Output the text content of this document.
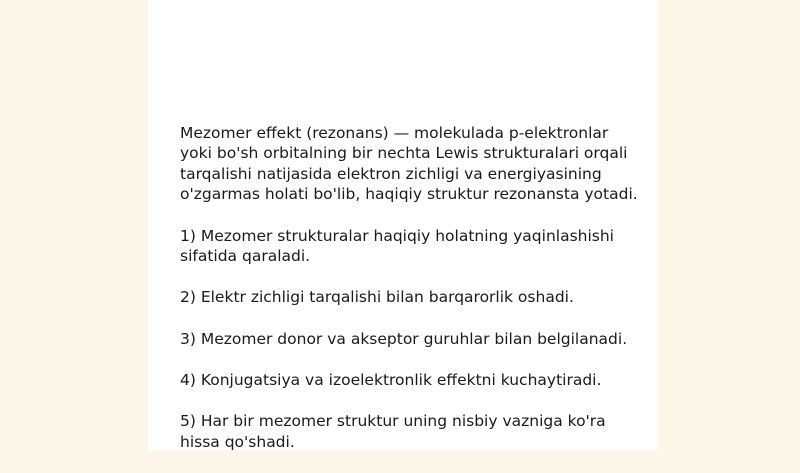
Mezomer effekt (rezonans) — molekulada p-elektronlar yoki bo'sh orbitalning bir nechta Lewis strukturalari orqali tarqalishi natijasida elektron zichligi va energiyasining o'zgarmas holati bo'lib, haqiqiy struktur rezonansta yotadi.

1) Mezomer strukturalar haqiqiy holatning yaqinlashishi sifatida qaraladi.

2) Elektr zichligi tarqalishi bilan barqarorlik oshadi.

3) Mezomer donor va akseptor guruhlar bilan belgilanadi.

4) Konjugatsiya va izoelektronlik effektni kuchaytiradi.

5) Har bir mezomer struktur uning nisbiy vazniga ko'ra hissa qo'shadi.
